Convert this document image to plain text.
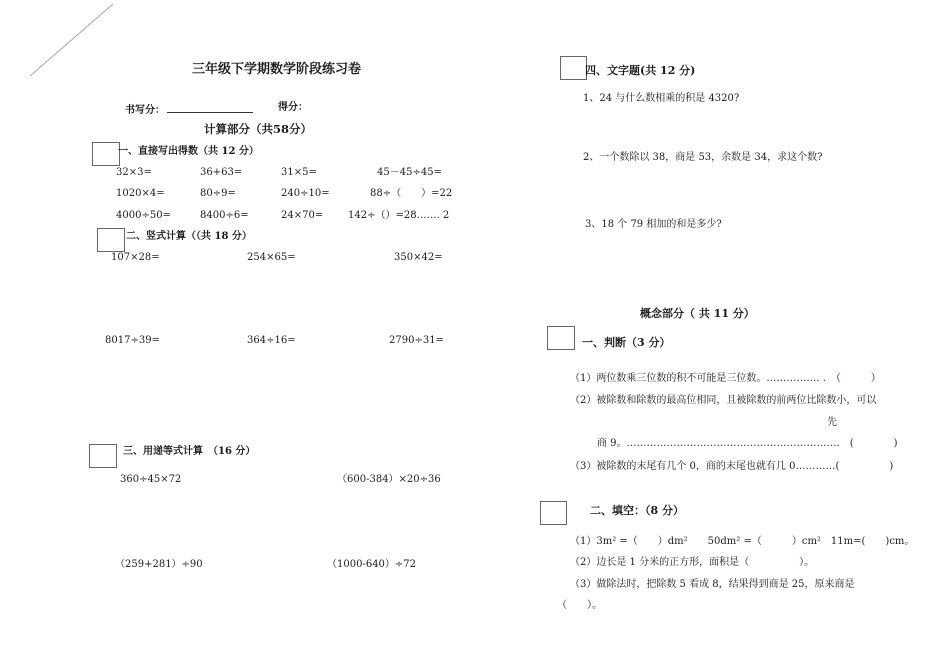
三年级下学期数学阶段练习卷
书写分：	得分：
计算部分（共58分）
一、直接写出得数（共 12 分）
32×3=	36+63=	31×5=	45－45÷45=
1020×4=	80÷9=	240÷10=	88÷（　　）=22
4000÷50=	8400÷6=	24×70= 142÷（）=28……. 2
二、竖式计算（（共 18 分）
107×28=	254×65=	350×42=
8017÷39=	364÷16=	2790÷31=
三、用递等式计算　（16 分）
360÷45×72	（600-384）×20÷36
（259+281）÷90	（1000-640）÷72
四、文字题(共 12 分)
1、24 与什么数相乘的积是 4320?
2、一个数除以 38，商是 53，余数是 34，求这个数?
3、18 个 79 相加的和是多少?
概念部分（ 共 11 分）
一、判断（3 分）
（1）两位数乘三位数的积不可能是三位数。……………. .　（　　　）
（2）被除数和除数的最高位相同，且被除数的前两位比除数小，可以
先
商 9。……………………………………………………….　(　　　　)
（3）被除数的末尾有几个 0，商的末尾也就有几 0…………(　　　　　)
二、填空：（8 分）
（1）3m² =（　　）dm²　　50dm² =（　　　）cm²　11m=(　　)cm。
（2）边长是 1 分米的正方形，面积是（　　　　　）。
（3）做除法时，把除数 5 看成 8，结果得到商是 25，原来商是
（　　）。
